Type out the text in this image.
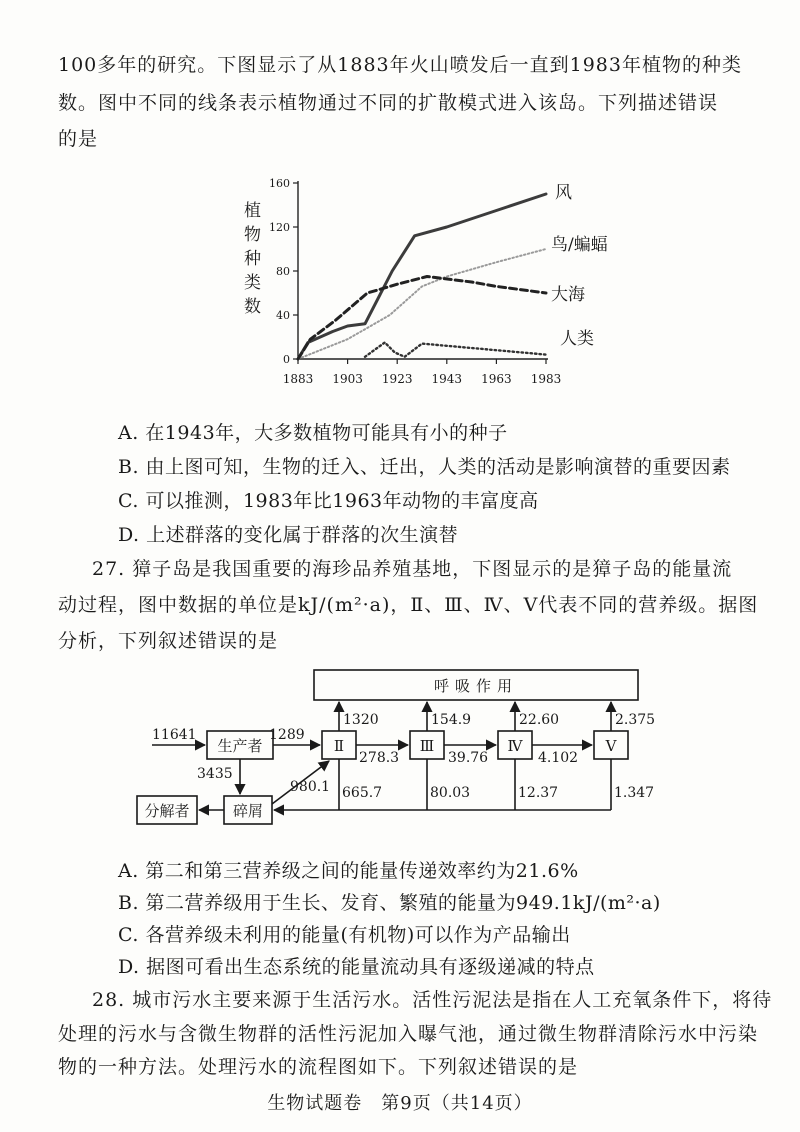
100多年的研究。下图显示了从1883年火山喷发后一直到1983年植物的种类
数。图中不同的线条表示植物通过不同的扩散模式进入该岛。下列描述错误
的是
植
物
种
类
数
0
40
80
120
160
1883 1903 1923 1943 1963 1983
风
鸟/蝙蝠
大海
人类
A. 在1943年，大多数植物可能具有小的种子
B. 由上图可知，生物的迁入、迁出，人类的活动是影响演替的重要因素
C. 可以推测，1983年比1963年动物的丰富度高
D. 上述群落的变化属于群落的次生演替
27. 獐子岛是我国重要的海珍品养殖基地，下图显示的是獐子岛的能量流
动过程，图中数据的单位是kJ/(m²·a)，Ⅱ、Ⅲ、Ⅳ、Ⅴ代表不同的营养级。据图
分析，下列叙述错误的是
呼吸作用
生产者	Ⅱ	Ⅲ	Ⅳ	Ⅴ
碎屑
分解者
11641	1289
3435
1320	154.9	22.60	2.375
278.3	39.76	4.102
980.1 665.7	80.03	12.37	1.347
A. 第二和第三营养级之间的能量传递效率约为21.6%
B. 第二营养级用于生长、发育、繁殖的能量为949.1kJ/(m²·a)
C. 各营养级未利用的能量(有机物)可以作为产品输出
D. 据图可看出生态系统的能量流动具有逐级递减的特点
28. 城市污水主要来源于生活污水。活性污泥法是指在人工充氧条件下，将待
处理的污水与含微生物群的活性污泥加入曝气池，通过微生物群清除污水中污染
物的一种方法。处理污水的流程图如下。下列叙述错误的是
生物试题卷　第9页（共14页）
